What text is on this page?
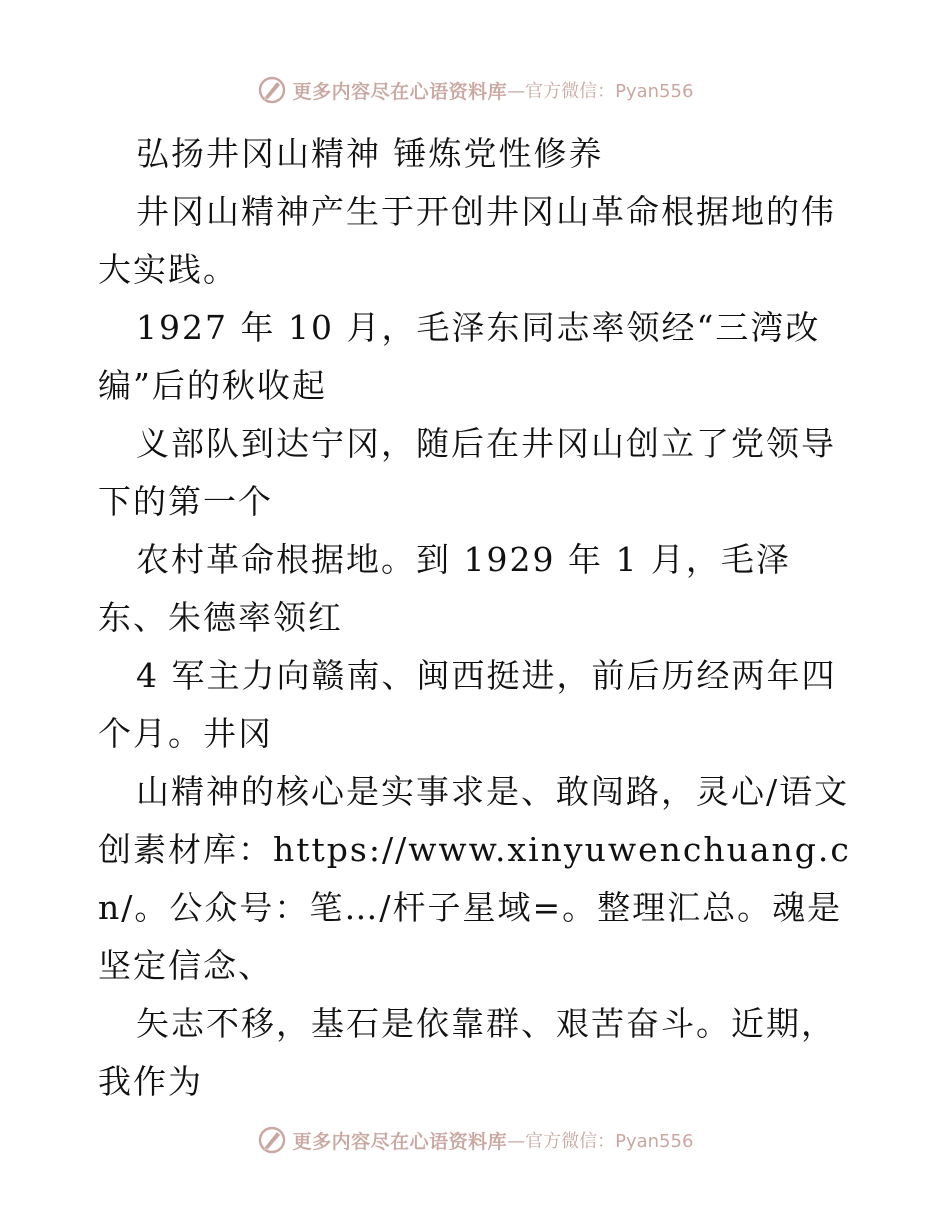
更多内容尽在心语资料库 —官方微信：Pyan556

弘扬井冈山精神 锤炼党性修养

井冈山精神产生于开创井冈山革命根据地的伟大实践。

1927 年 10 月，毛泽东同志率领经“三湾改编”后的秋收起

义部队到达宁冈，随后在井冈山创立了党领导下的第一个

农村革命根据地。到 1929 年 1 月，毛泽东、朱德率领红

4 军主力向赣南、闽西挺进，前后历经两年四个月。井冈

山精神的核心是实事求是、敢闯路，灵心/语文创素材库：https://www.xinyuwenchuang.cn/。公众号：笔…/杆子星域=。整理汇总。魂是坚定信念、

矢志不移，基石是依靠群、艰苦奋斗。近期，我作为

更多内容尽在心语资料库 —官方微信：Pyan556
